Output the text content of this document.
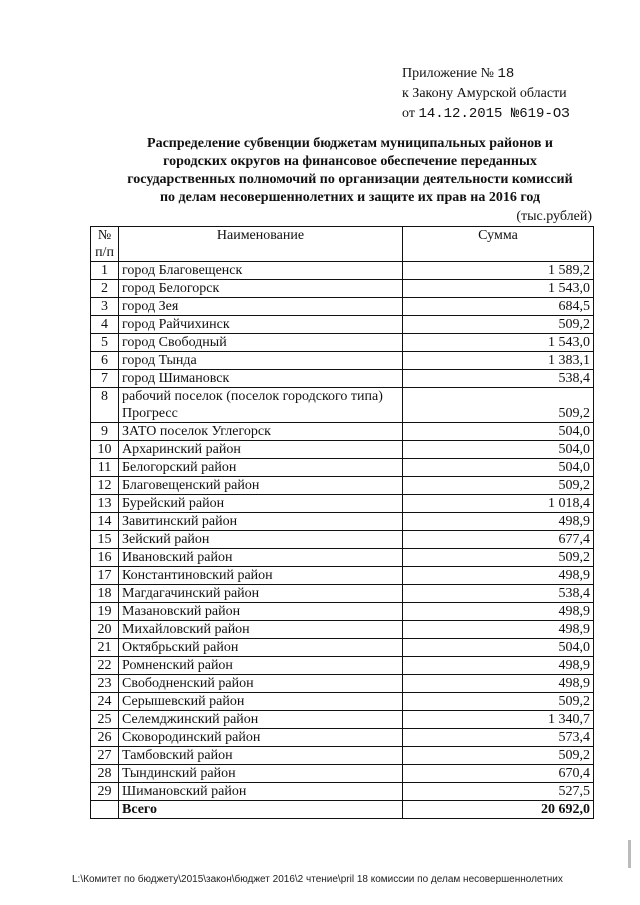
Приложение № 18
к Закону Амурской области
от 14.12.2015 №619-ОЗ
Распределение субвенции бюджетам муниципальных районов и
городских округов на финансовое обеспечение переданных
государственных полномочий по организации деятельности комиссий
по делам несовершеннолетних и защите их прав на 2016 год
(тыс.рублей)
№
п/п	Наименование	Сумма
1	город Благовещенск	1 589,2
2	город Белогорск	1 543,0
3	город Зея	684,5
4	город Райчихинск	509,2
5	город Свободный	1 543,0
6	город Тында	1 383,1
7	город Шимановск	538,4
8	рабочий поселок (поселок городского типа) Прогресс	509,2
9	ЗАТО поселок Углегорск	504,0
10	Архаринский район	504,0
11	Белогорский район	504,0
12	Благовещенский район	509,2
13	Бурейский район	1 018,4
14	Завитинский район	498,9
15	Зейский район	677,4
16	Ивановский район	509,2
17	Константиновский район	498,9
18	Магдагачинский район	538,4
19	Мазановский район	498,9
20	Михайловский район	498,9
21	Октябрьский район	504,0
22	Ромненский район	498,9
23	Свободненский район	498,9
24	Серышевский район	509,2
25	Селемджинский район	1 340,7
26	Сковородинский район	573,4
27	Тамбовский район	509,2
28	Тындинский район	670,4
29	Шимановский район	527,5
	Всего	20 692,0
L:\Комитет по бюджету\2015\закон\бюджет 2016\2 чтение\pril 18 комиссии по делам несовершеннолетних
